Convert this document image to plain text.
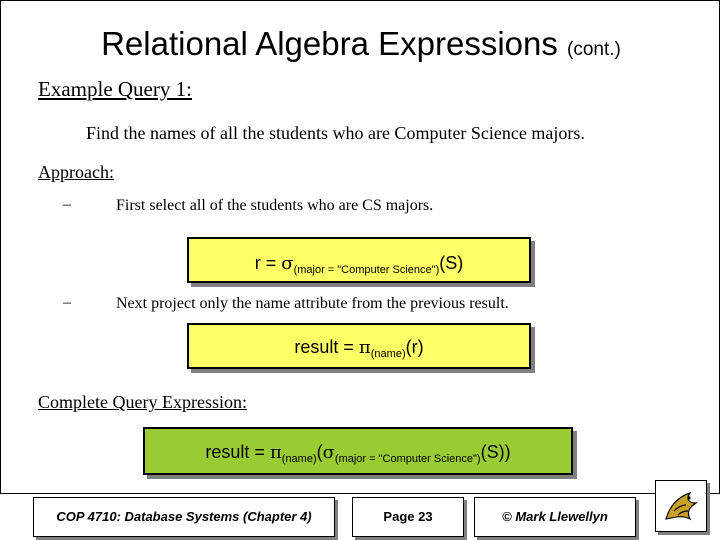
Relational Algebra Expressions (cont.)
Example Query 1:
Find the names of all the students who are Computer Science majors.
Approach:
–	First select all of the students who are CS majors.
$r = \sigma_{(major = "Computer Science")}(S)$
–	Next project only the name attribute from the previous result.
result = $\pi_{(name)}(r)$
Complete Query Expression:
result = $\pi_{(name)}(\sigma_{(major = "Computer Science")}(S))$
COP 4710: Database Systems (Chapter 4)	Page 23	© Mark Llewellyn
